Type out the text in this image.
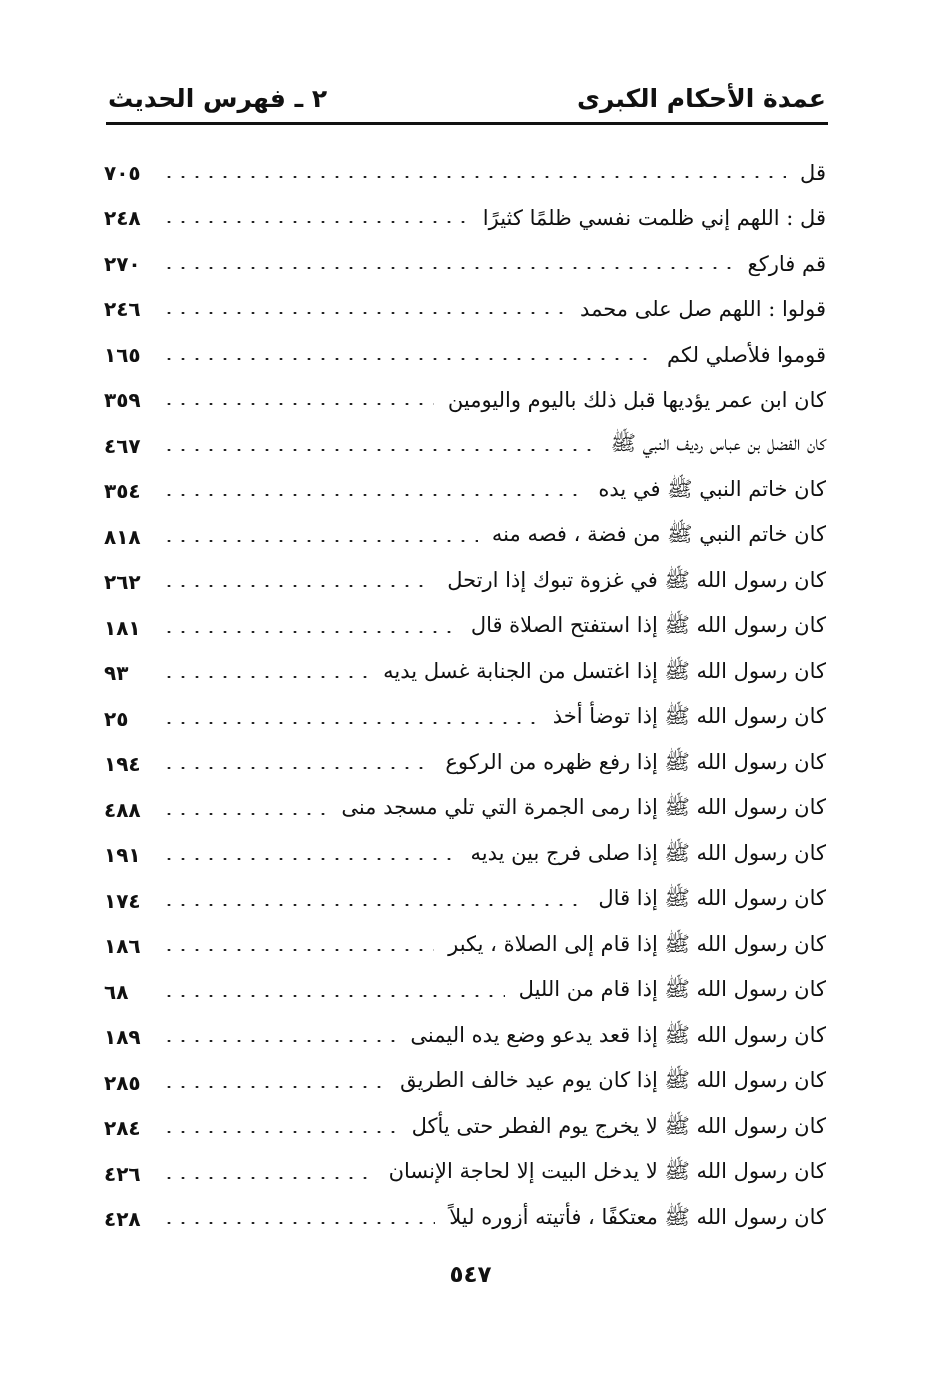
عمدة الأحكام الكبرى
٢ ـ فهرس الحديث
قل
٧٠٥
قل : اللهم إني ظلمت نفسي ظلمًا كثيرًا
٢٤٨
قم فاركع
٢٧٠
قولوا : اللهم صل على محمد
٢٤٦
قوموا فلأصلي لكم
١٦٥
كان ابن عمر يؤديها قبل ذلك باليوم واليومين
٣٥٩
كان الفضل بن عباس رديف النبي ﷺ
٤٦٧
كان خاتم النبي ﷺ في يده
٣٥٤
كان خاتم النبي ﷺ من فضة ، فصه منه
٨١٨
كان رسول الله ﷺ في غزوة تبوك إذا ارتحل
٢٦٢
كان رسول الله ﷺ إذا استفتح الصلاة قال
١٨١
كان رسول الله ﷺ إذا اغتسل من الجنابة غسل يديه
٩٣
كان رسول الله ﷺ إذا توضأ أخذ
٢٥
كان رسول الله ﷺ إذا رفع ظهره من الركوع
١٩٤
كان رسول الله ﷺ إذا رمى الجمرة التي تلي مسجد منى
٤٨٨
كان رسول الله ﷺ إذا صلى فرج بين يديه
١٩١
كان رسول الله ﷺ إذا قال
١٧٤
كان رسول الله ﷺ إذا قام إلى الصلاة ، يكبر
١٨٦
كان رسول الله ﷺ إذا قام من الليل
٦٨
كان رسول الله ﷺ إذا قعد يدعو وضع يده اليمنى
١٨٩
كان رسول الله ﷺ إذا كان يوم عيد خالف الطريق
٢٨٥
كان رسول الله ﷺ لا يخرج يوم الفطر حتى يأكل
٢٨٤
كان رسول الله ﷺ لا يدخل البيت إلا لحاجة الإنسان
٤٢٦
كان رسول الله ﷺ معتكفًا ، فأتيته أزوره ليلاً
٤٢٨
٥٤٧
